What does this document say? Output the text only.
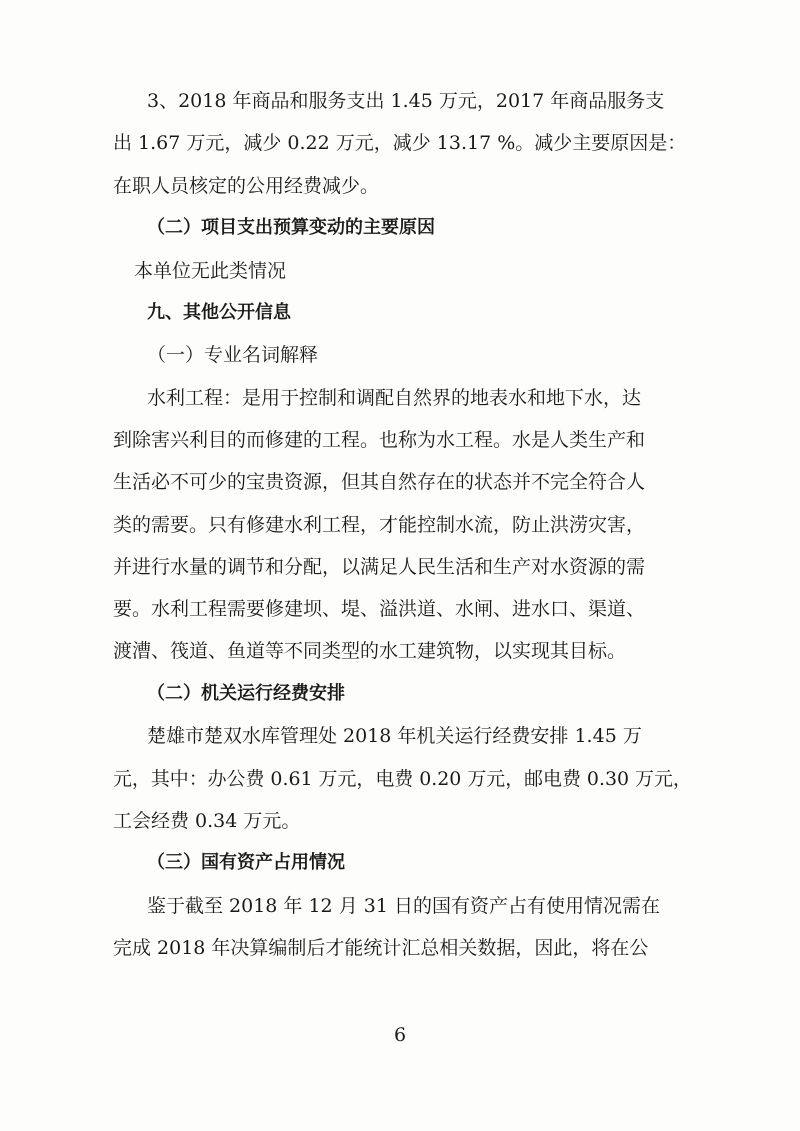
3、2018 年商品和服务支出 1.45 万元，2017 年商品服务支
出 1.67 万元，减少 0.22 万元，减少 13.17 %。减少主要原因是：
在职人员核定的公用经费减少。
（二）项目支出预算变动的主要原因
本单位无此类情况
九、其他公开信息
（一）专业名词解释
水利工程：是用于控制和调配自然界的地表水和地下水，达
到除害兴利目的而修建的工程。也称为水工程。水是人类生产和
生活必不可少的宝贵资源，但其自然存在的状态并不完全符合人
类的需要。只有修建水利工程，才能控制水流，防止洪涝灾害，
并进行水量的调节和分配，以满足人民生活和生产对水资源的需
要。水利工程需要修建坝、堤、溢洪道、水闸、进水口、渠道、
渡漕、筏道、鱼道等不同类型的水工建筑物，以实现其目标。
（二）机关运行经费安排
楚雄市楚双水库管理处 2018 年机关运行经费安排 1.45 万
元，其中：办公费 0.61 万元，电费 0.20 万元，邮电费 0.30 万元，
工会经费 0.34 万元。
（三）国有资产占用情况
鉴于截至 2018 年 12 月 31 日的国有资产占有使用情况需在
完成 2018 年决算编制后才能统计汇总相关数据，因此，将在公
6
